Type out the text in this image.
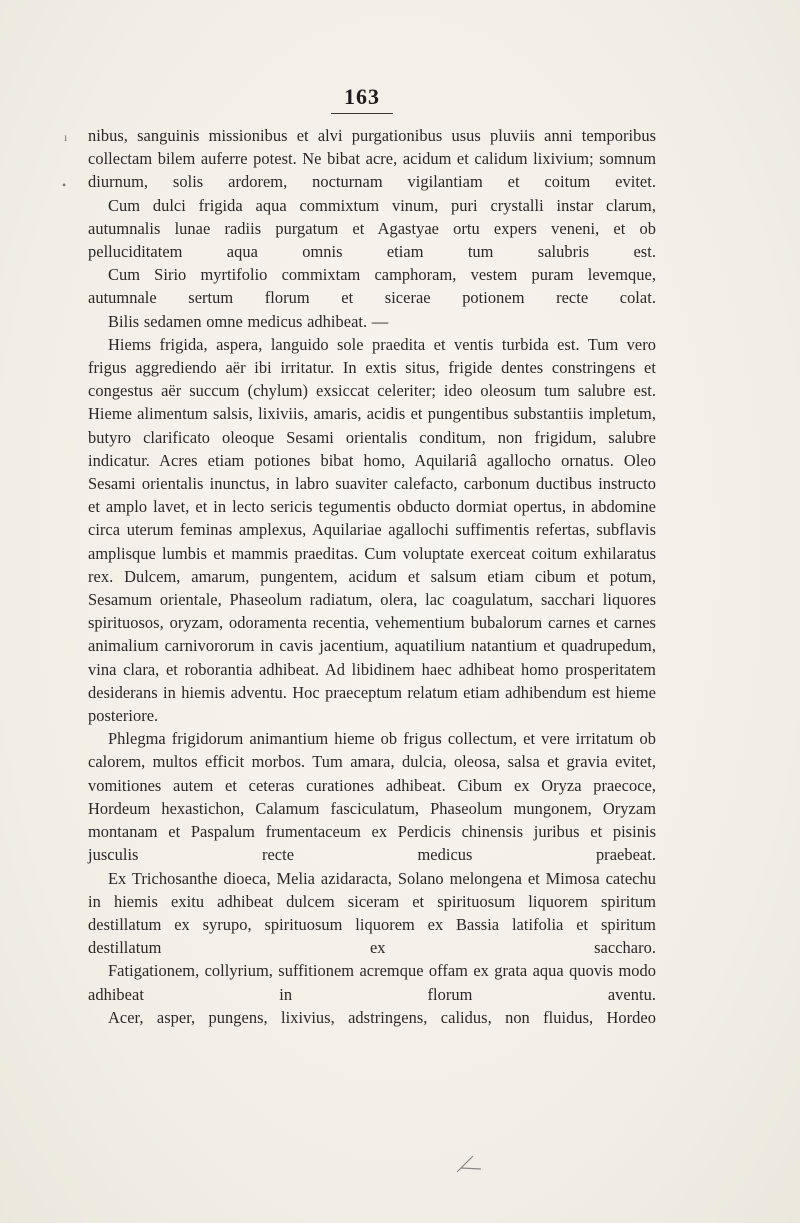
163
ı
•

nibus, sanguinis missionibus et alvi purgationibus usus pluviis anni temporibus collectam bilem auferre potest. Ne bibat acre, acidum et calidum lixivium; somnum diurnum, solis ardorem, nocturnam vigilantiam et coitum evitet.

Cum dulci frigida aqua commixtum vinum, puri crystalli instar clarum, autumnalis lunae radiis purgatum et Agastyae ortu expers veneni, et ob pelluciditatem aqua omnis etiam tum salubris est.

Cum Sirio myrtifolio commixtam camphoram, vestem puram levemque, autumnale sertum florum et sicerae potionem recte colat.

Bilis sedamen omne medicus adhibeat. —

Hiems frigida, aspera, languido sole praedita et ventis turbida est. Tum vero frigus aggrediendo aër ibi irritatur. In extis situs, frigide dentes constringens et congestus aër succum (chylum) exsiccat celeriter; ideo oleosum tum salubre est. Hieme alimentum salsis, lixiviis, amaris, acidis et pungentibus substantiis impletum, butyro clarificato oleoque Sesami orientalis conditum, non frigidum, salubre indicatur. Acres etiam potiones bibat homo, Aquilariâ agallocho ornatus. Oleo Sesami orientalis inunctus, in labro suaviter calefacto, carbonum ductibus instructo et amplo lavet, et in lecto sericis tegumentis obducto dormiat opertus, in abdomine circa uterum feminas amplexus, Aquilariae agallochi suffimentis refertas, subflavis amplisque lumbis et mammis praeditas. Cum voluptate exerceat coitum exhilaratus rex. Dulcem, amarum, pungentem, acidum et salsum etiam cibum et potum, Sesamum orientale, Phaseolum radiatum, olera, lac coagulatum, sacchari liquores spirituosos, oryzam, odoramenta recentia, vehementium bubalorum carnes et carnes animalium carnivororum in cavis jacentium, aquatilium natantium et quadrupedum, vina clara, et roborantia adhibeat. Ad libidinem haec adhibeat homo prosperitatem desiderans in hiemis adventu. Hoc praeceptum relatum etiam adhibendum est hieme posteriore.

Phlegma frigidorum animantium hieme ob frigus collectum, et vere irritatum ob calorem, multos efficit morbos. Tum amara, dulcia, oleosa, salsa et gravia evitet, vomitiones autem et ceteras curationes adhibeat. Cibum ex Oryza praecoce, Hordeum hexastichon, Calamum fasciculatum, Phaseolum mungonem, Oryzam montanam et Paspalum frumentaceum ex Perdicis chinensis juribus et pisinis jusculis recte medicus praebeat.

Ex Trichosanthe dioeca, Melia azidaracta, Solano melongena et Mimosa catechu in hiemis exitu adhibeat dulcem siceram et spirituosum liquorem spiritum destillatum ex syrupo, spirituosum liquorem ex Bassia latifolia et spiritum destillatum ex saccharo.

Fatigationem, collyrium, suffitionem acremque offam ex grata aqua quovis modo adhibeat in florum aventu.

Acer, asper, pungens, lixivius, adstringens, calidus, non fluidus, Hordeo
